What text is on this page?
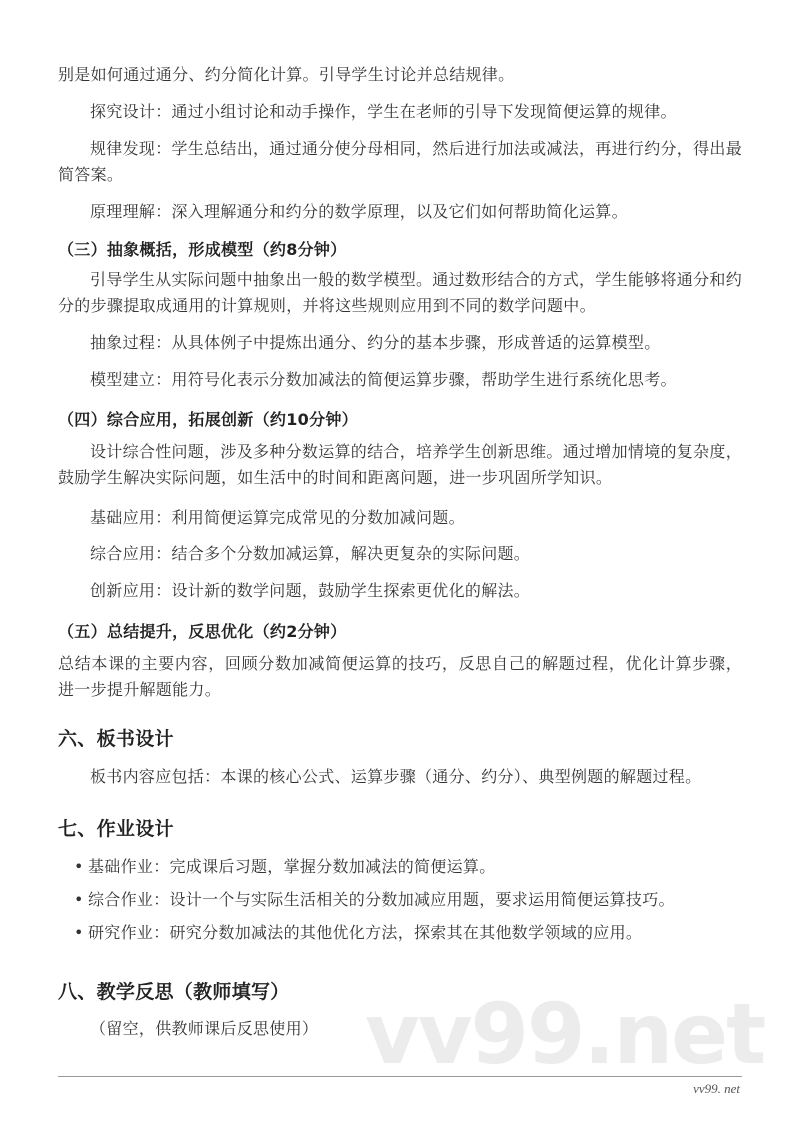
别是如何通过通分、约分简化计算。引导学生讨论并总结规律。
探究设计：通过小组讨论和动手操作，学生在老师的引导下发现简便运算的规律。
规律发现：学生总结出，通过通分使分母相同，然后进行加法或减法，再进行约分，得出最简答案。
原理理解：深入理解通分和约分的数学原理，以及它们如何帮助简化运算。
（三）抽象概括，形成模型（约8分钟）
引导学生从实际问题中抽象出一般的数学模型。通过数形结合的方式，学生能够将通分和约分的步骤提取成通用的计算规则，并将这些规则应用到不同的数学问题中。
抽象过程：从具体例子中提炼出通分、约分的基本步骤，形成普适的运算模型。
模型建立：用符号化表示分数加减法的简便运算步骤，帮助学生进行系统化思考。
（四）综合应用，拓展创新（约10分钟）
设计综合性问题，涉及多种分数运算的结合，培养学生创新思维。通过增加情境的复杂度，鼓励学生解决实际问题，如生活中的时间和距离问题，进一步巩固所学知识。
基础应用：利用简便运算完成常见的分数加减问题。
综合应用：结合多个分数加减运算，解决更复杂的实际问题。
创新应用：设计新的数学问题，鼓励学生探索更优化的解法。
（五）总结提升，反思优化（约2分钟）
总结本课的主要内容，回顾分数加减简便运算的技巧，反思自己的解题过程，优化计算步骤，进一步提升解题能力。
六、板书设计
板书内容应包括：本课的核心公式、运算步骤（通分、约分）、典型例题的解题过程。
七、作业设计
• 基础作业：完成课后习题，掌握分数加减法的简便运算。
• 综合作业：设计一个与实际生活相关的分数加减应用题，要求运用简便运算技巧。
• 研究作业：研究分数加减法的其他优化方法，探索其在其他数学领域的应用。
vv99.net
八、教学反思（教师填写）
（留空，供教师课后反思使用）
vv99. net
